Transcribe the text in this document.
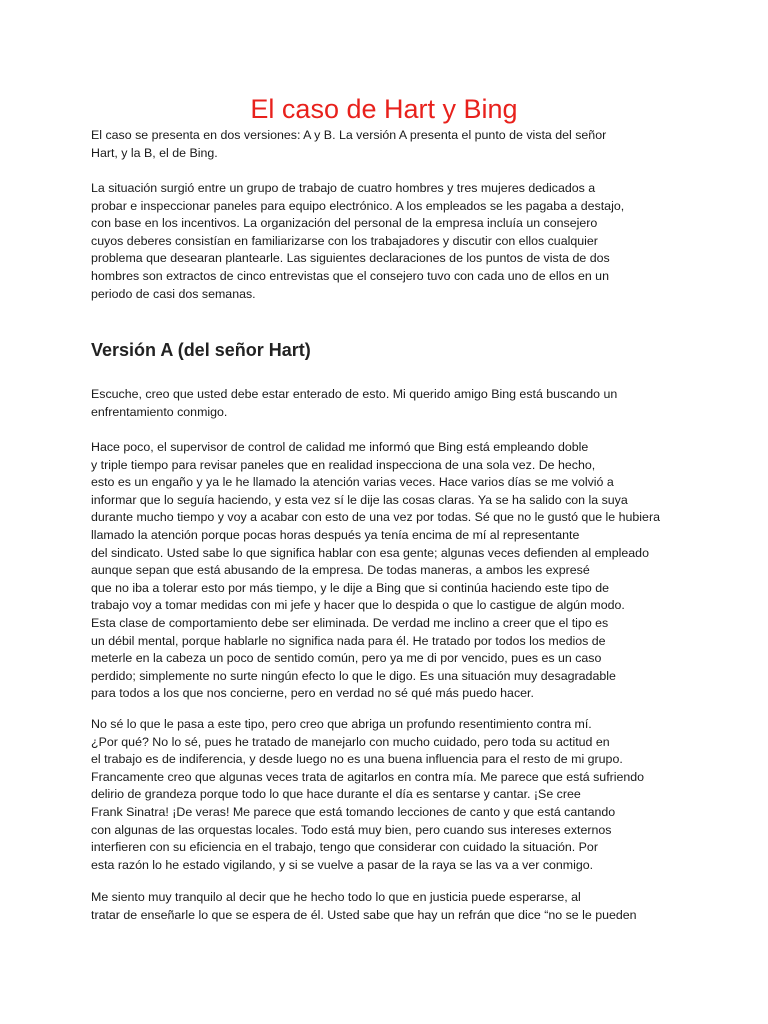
El caso de Hart y Bing

El caso se presenta en dos versiones: A y B. La versión A presenta el punto de vista del señor
Hart, y la B, el de Bing.

La situación surgió entre un grupo de trabajo de cuatro hombres y tres mujeres dedicados a
probar e inspeccionar paneles para equipo electrónico. A los empleados se les pagaba a destajo,
con base en los incentivos. La organización del personal de la empresa incluía un consejero
cuyos deberes consistían en familiarizarse con los trabajadores y discutir con ellos cualquier
problema que desearan plantearle. Las siguientes declaraciones de los puntos de vista de dos
hombres son extractos de cinco entrevistas que el consejero tuvo con cada uno de ellos en un
periodo de casi dos semanas.

Versión A (del señor Hart)

Escuche, creo que usted debe estar enterado de esto. Mi querido amigo Bing está buscando un
enfrentamiento conmigo.

Hace poco, el supervisor de control de calidad me informó que Bing está empleando doble
y triple tiempo para revisar paneles que en realidad inspecciona de una sola vez. De hecho,
esto es un engaño y ya le he llamado la atención varias veces. Hace varios días se me volvió a
informar que lo seguía haciendo, y esta vez sí le dije las cosas claras. Ya se ha salido con la suya
durante mucho tiempo y voy a acabar con esto de una vez por todas. Sé que no le gustó que le hubiera
llamado la atención porque pocas horas después ya tenía encima de mí al representante
del sindicato. Usted sabe lo que significa hablar con esa gente; algunas veces defienden al empleado
aunque sepan que está abusando de la empresa. De todas maneras, a ambos les expresé
que no iba a tolerar esto por más tiempo, y le dije a Bing que si continúa haciendo este tipo de
trabajo voy a tomar medidas con mi jefe y hacer que lo despida o que lo castigue de algún modo.
Esta clase de comportamiento debe ser eliminada. De verdad me inclino a creer que el tipo es
un débil mental, porque hablarle no significa nada para él. He tratado por todos los medios de
meterle en la cabeza un poco de sentido común, pero ya me di por vencido, pues es un caso
perdido; simplemente no surte ningún efecto lo que le digo. Es una situación muy desagradable
para todos a los que nos concierne, pero en verdad no sé qué más puedo hacer.

No sé lo que le pasa a este tipo, pero creo que abriga un profundo resentimiento contra mí.
¿Por qué? No lo sé, pues he tratado de manejarlo con mucho cuidado, pero toda su actitud en
el trabajo es de indiferencia, y desde luego no es una buena influencia para el resto de mi grupo.
Francamente creo que algunas veces trata de agitarlos en contra mía. Me parece que está sufriendo
delirio de grandeza porque todo lo que hace durante el día es sentarse y cantar. ¡Se cree
Frank Sinatra! ¡De veras! Me parece que está tomando lecciones de canto y que está cantando
con algunas de las orquestas locales. Todo está muy bien, pero cuando sus intereses externos
interfieren con su eficiencia en el trabajo, tengo que considerar con cuidado la situación. Por
esta razón lo he estado vigilando, y si se vuelve a pasar de la raya se las va a ver conmigo.

Me siento muy tranquilo al decir que he hecho todo lo que en justicia puede esperarse, al
tratar de enseñarle lo que se espera de él. Usted sabe que hay un refrán que dice “no se le pueden
